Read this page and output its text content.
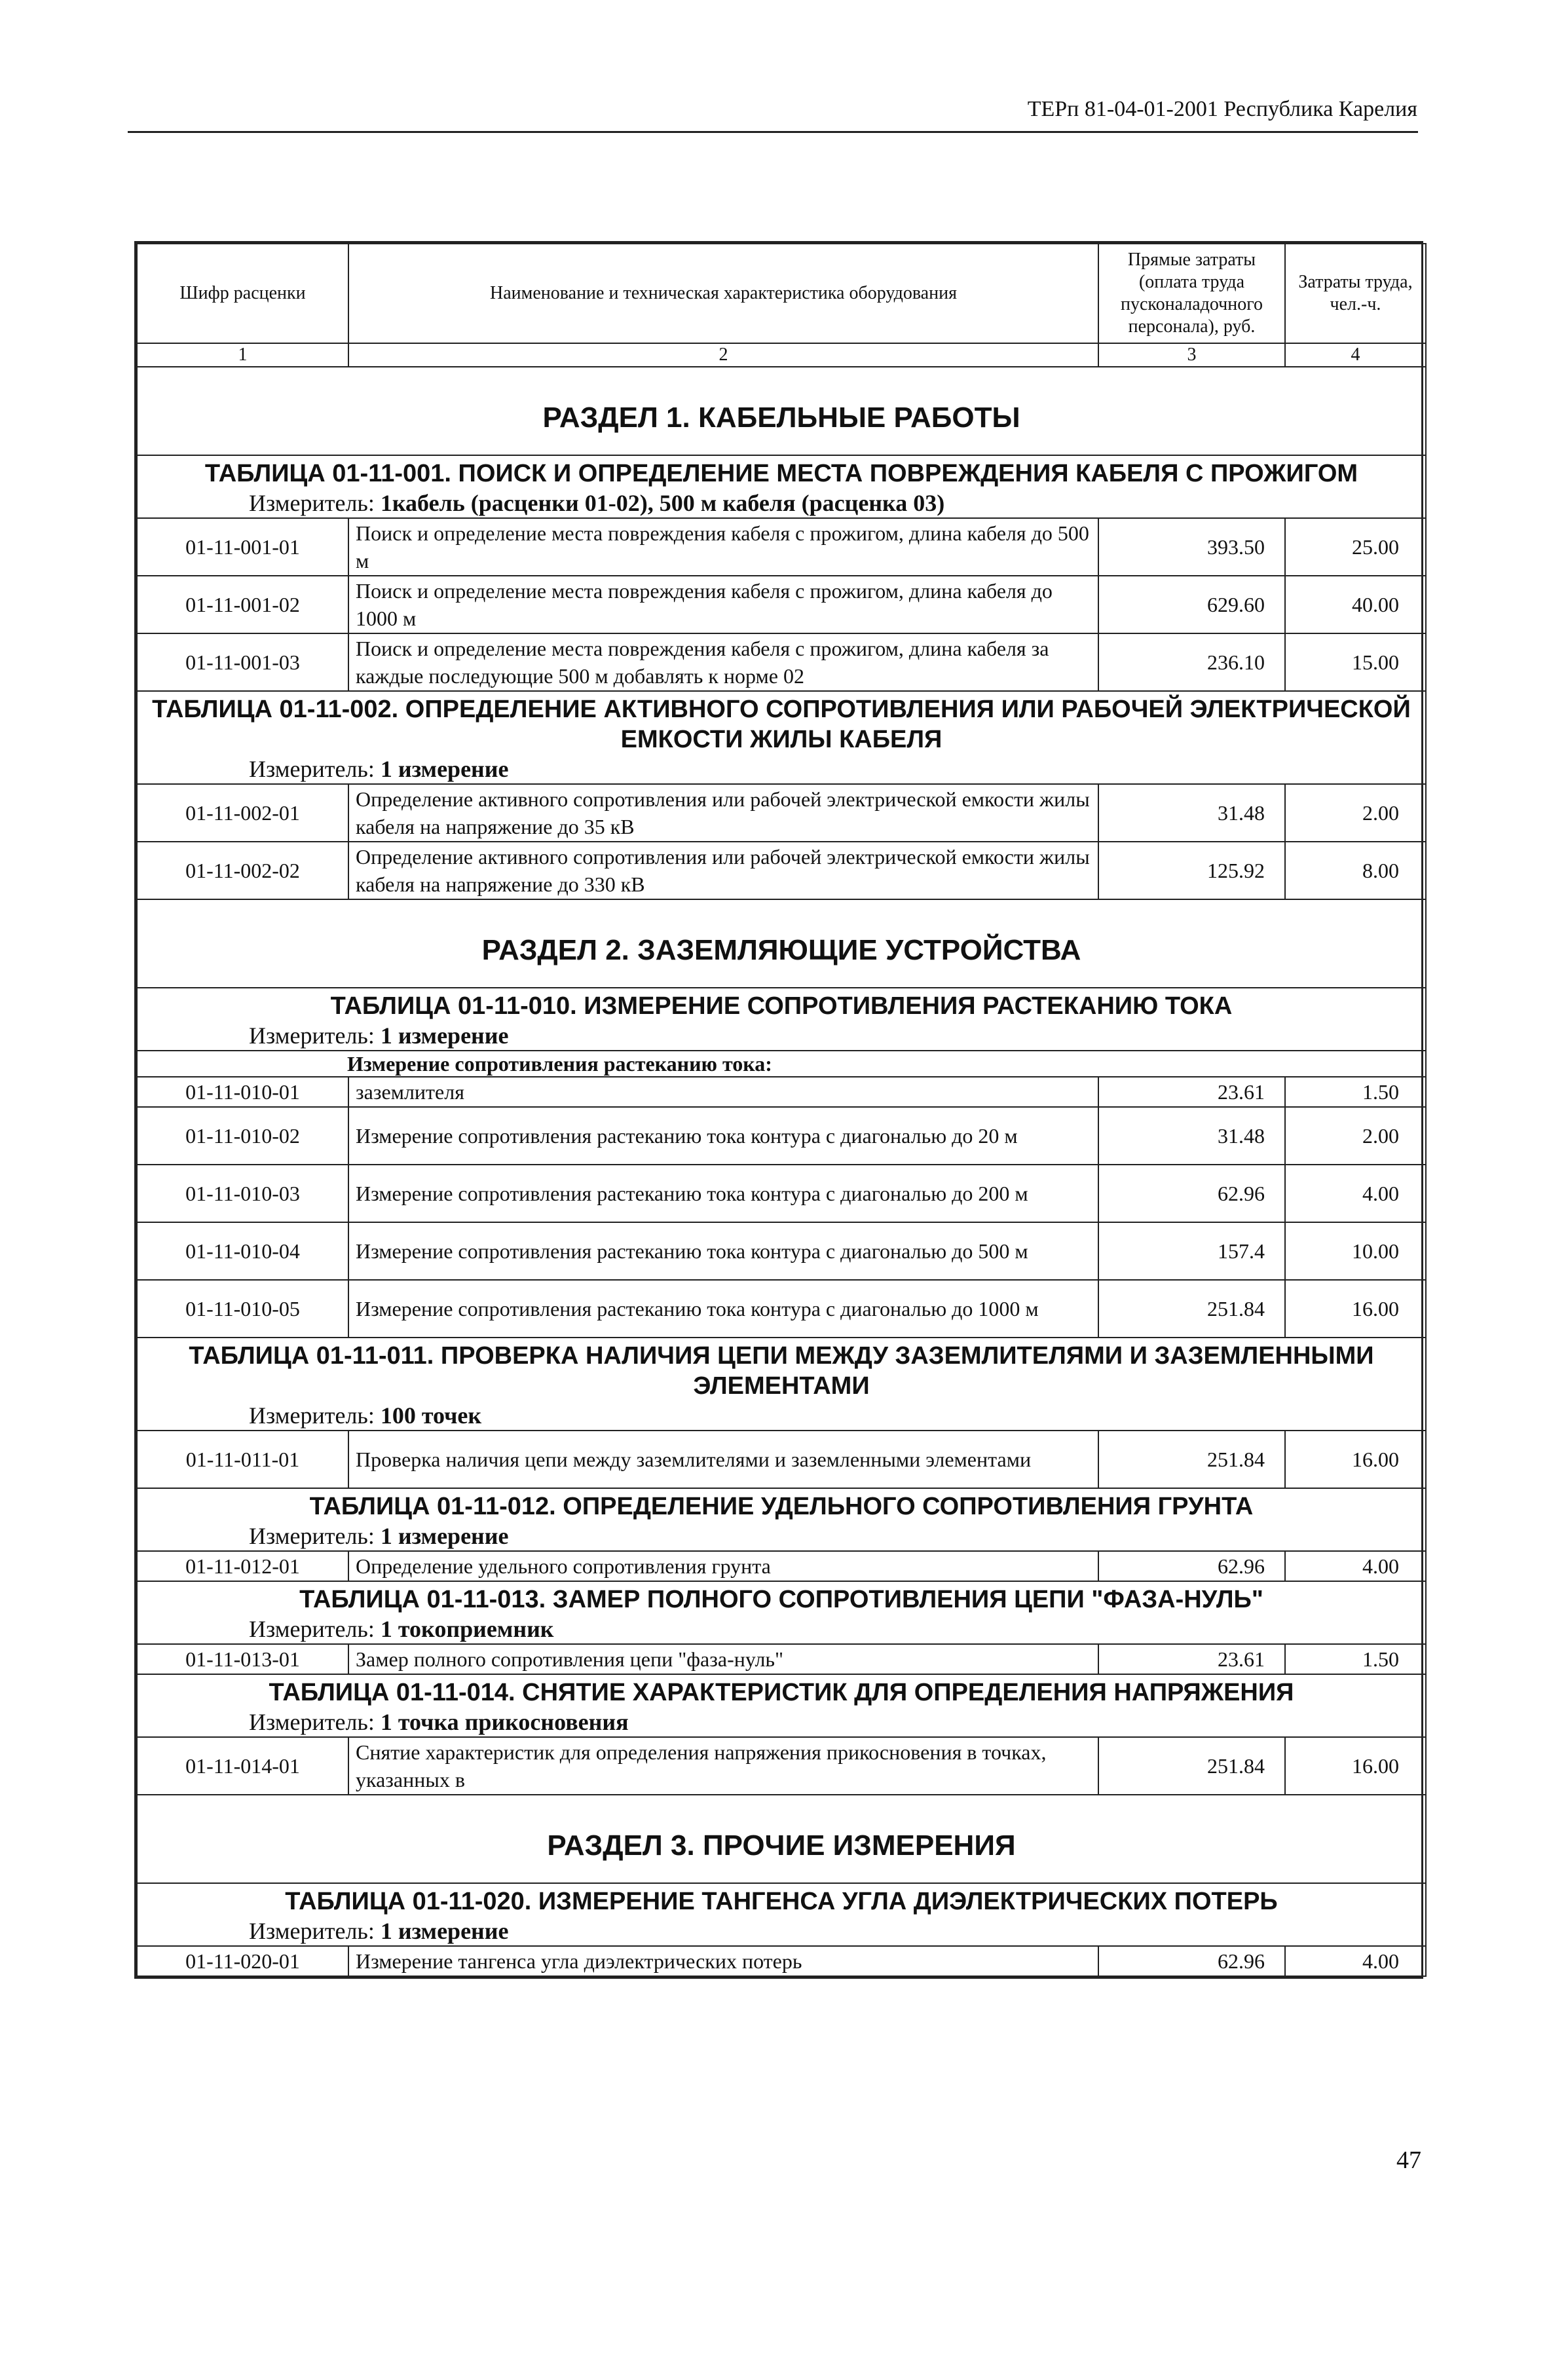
ТЕРп 81-04-01-2001 Республика Карелия
Шифр расценки	Наименование и техническая характеристика оборудования	Прямые затраты (оплата труда пусконаладочного персонала), руб.	Затраты труда, чел.-ч.
1	2	3	4
РАЗДЕЛ 1. КАБЕЛЬНЫЕ РАБОТЫ			
ТАБЛИЦА 01-11-001. ПОИСК И ОПРЕДЕЛЕНИЕ МЕСТА ПОВРЕЖДЕНИЯ КАБЕЛЯ С ПРОЖИГОМ
Измеритель: 1кабель (расценки 01-02), 500 м кабеля (расценка 03)			

01-11-001-01	Поиск и определение места повреждения кабеля с прожигом, длина кабеля до 500 м	393.50	25.00
01-11-001-02	Поиск и определение места повреждения кабеля с прожигом, длина кабеля до 1000 м	629.60	40.00
01-11-001-03	Поиск и определение места повреждения кабеля с прожигом, длина кабеля за каждые последующие 500 м добавлять к норме 02	236.10	15.00
ТАБЛИЦА 01-11-002. ОПРЕДЕЛЕНИЕ АКТИВНОГО СОПРОТИВЛЕНИЯ ИЛИ РАБОЧЕЙ ЭЛЕКТРИЧЕСКОЙ ЕМКОСТИ ЖИЛЫ КАБЕЛЯ
Измеритель: 1 измерение			

01-11-002-01	Определение активного сопротивления или рабочей электрической емкости жилы кабеля на напряжение до 35 кВ	31.48	2.00
01-11-002-02	Определение активного сопротивления или рабочей электрической емкости жилы кабеля на напряжение до 330 кВ	125.92	8.00
РАЗДЕЛ 2. ЗАЗЕМЛЯЮЩИЕ УСТРОЙСТВА			
ТАБЛИЦА 01-11-010. ИЗМЕРЕНИЕ СОПРОТИВЛЕНИЯ РАСТЕКАНИЮ ТОКА
Измеритель: 1 измерение			

Измерение сопротивления растеканию тока:			
01-11-010-01	заземлителя	23.61	1.50
01-11-010-02	Измерение сопротивления растеканию тока контура с диагональю до 20 м	31.48	2.00
01-11-010-03	Измерение сопротивления растеканию тока контура с диагональю до 200 м	62.96	4.00
01-11-010-04	Измерение сопротивления растеканию тока контура с диагональю до 500 м	157.4	10.00
01-11-010-05	Измерение сопротивления растеканию тока контура с диагональю до 1000 м	251.84	16.00
ТАБЛИЦА 01-11-011. ПРОВЕРКА НАЛИЧИЯ ЦЕПИ МЕЖДУ ЗАЗЕМЛИТЕЛЯМИ И ЗАЗЕМЛЕННЫМИ ЭЛЕМЕНТАМИ
Измеритель: 100 точек			

01-11-011-01	Проверка наличия цепи между заземлителями и заземленными элементами	251.84	16.00
ТАБЛИЦА 01-11-012. ОПРЕДЕЛЕНИЕ УДЕЛЬНОГО СОПРОТИВЛЕНИЯ ГРУНТА
Измеритель: 1 измерение			

01-11-012-01	Определение удельного сопротивления грунта	62.96	4.00
ТАБЛИЦА 01-11-013. ЗАМЕР ПОЛНОГО СОПРОТИВЛЕНИЯ ЦЕПИ "ФАЗА-НУЛЬ"
Измеритель: 1 токоприемник			

01-11-013-01	Замер полного сопротивления цепи "фаза-нуль"	23.61	1.50
ТАБЛИЦА 01-11-014. СНЯТИЕ ХАРАКТЕРИСТИК ДЛЯ ОПРЕДЕЛЕНИЯ НАПРЯЖЕНИЯ
Измеритель: 1 точка прикосновения			

01-11-014-01	Снятие характеристик для определения напряжения прикосновения в точках, указанных в	251.84	16.00
РАЗДЕЛ 3. ПРОЧИЕ ИЗМЕРЕНИЯ			
ТАБЛИЦА 01-11-020. ИЗМЕРЕНИЕ ТАНГЕНСА УГЛА ДИЭЛЕКТРИЧЕСКИХ ПОТЕРЬ
Измеритель: 1 измерение			

01-11-020-01	Измерение тангенса угла диэлектрических потерь	62.96	4.00
47
